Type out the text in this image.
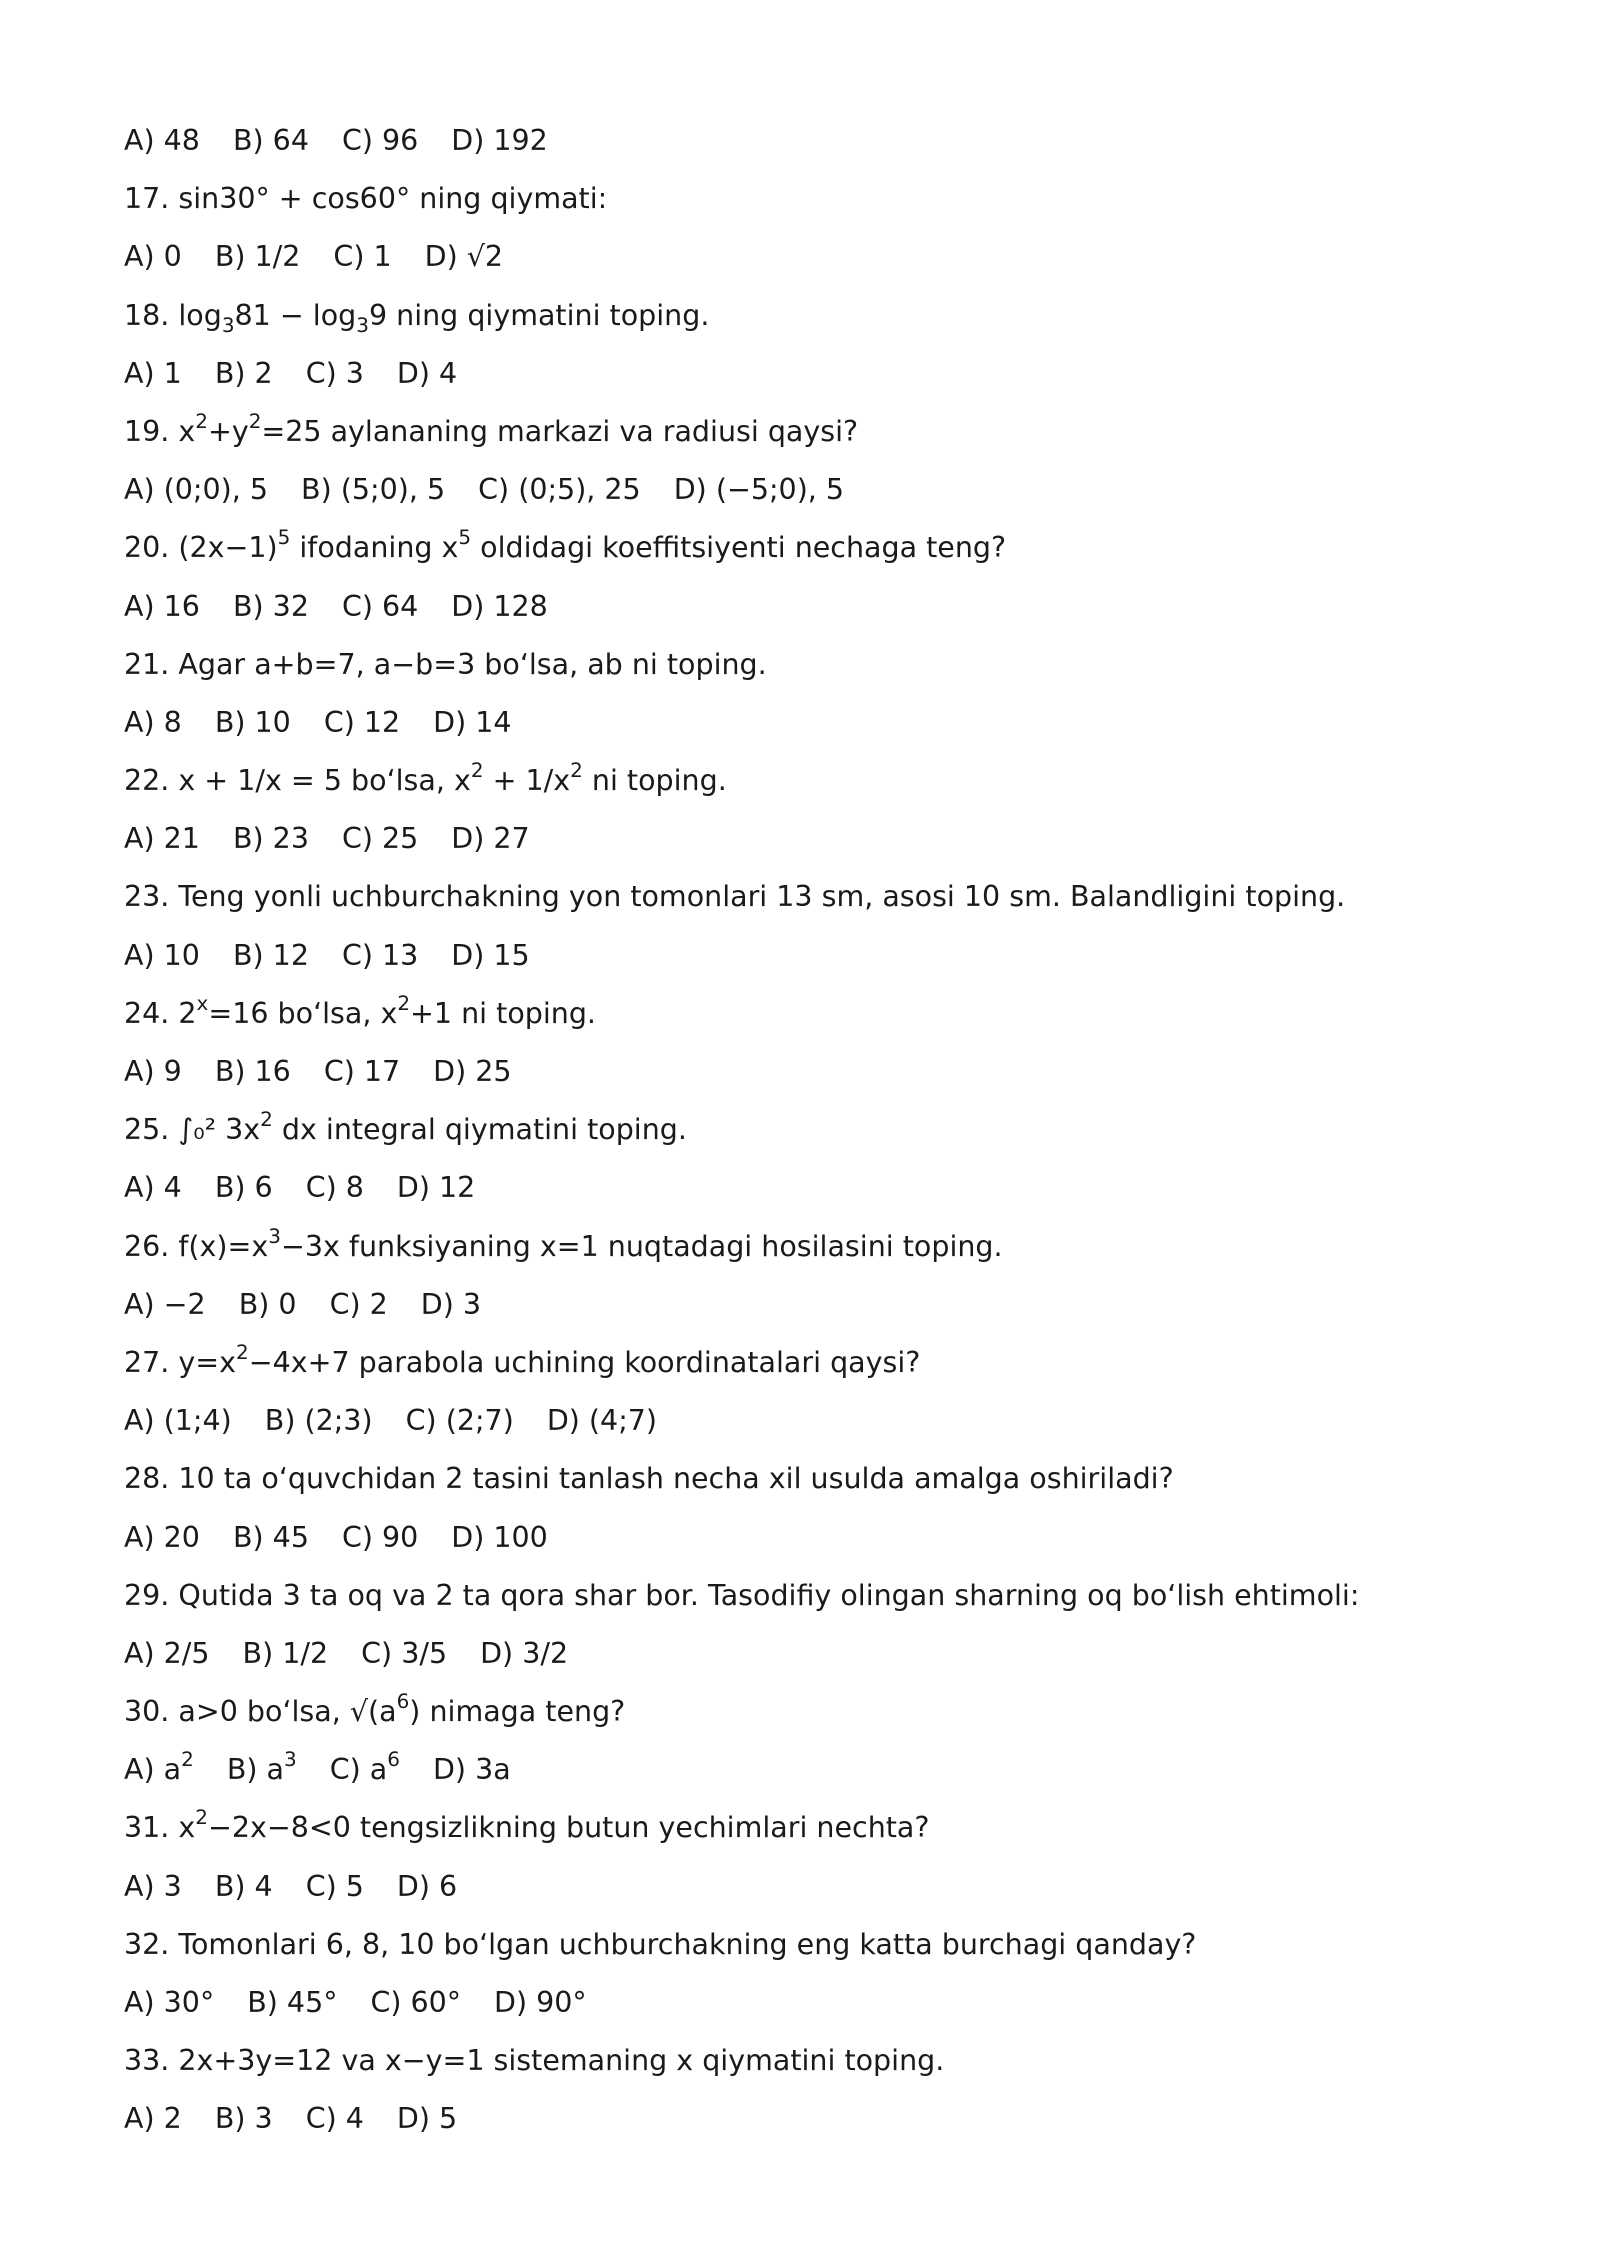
A) 48 B) 64 C) 96 D) 192
17. sin30° + cos60° ning qiymati:
A) 0 B) 1/2 C) 1 D) √2
18. $\log_381 - \log_39$ ning qiymatini toping.
A) 1 B) 2 C) 3 D) 4
19. $x^2+y^2=25$ aylananing markazi va radiusi qaysi?
A) (0;0), 5 B) (5;0), 5 C) (0;5), 25 D) (−5;0), 5
20. $(2x-1)^5$ ifodaning $x^5$ oldidagi koeffitsiyenti nechaga teng?
A) 16 B) 32 C) 64 D) 128
21. Agar a+b=7, a−b=3 bo‘lsa, ab ni toping.
A) 8 B) 10 C) 12 D) 14
22. x + 1/x = 5 bo‘lsa, $x^2 + 1/x^2$ ni toping.
A) 21 B) 23 C) 25 D) 27
23. Teng yonli uchburchakning yon tomonlari 13 sm, asosi 10 sm. Balandligini toping.
A) 10 B) 12 C) 13 D) 15
24. $2^x=16$ bo‘lsa, $x^2+1$ ni toping.
A) 9 B) 16 C) 17 D) 25
25. ∫₀² $3x^2$ dx integral qiymatini toping.
A) 4 B) 6 C) 8 D) 12
26. $f(x)=x^3-3x$ funksiyaning x=1 nuqtadagi hosilasini toping.
A) −2 B) 0 C) 2 D) 3
27. $y=x^2-4x+7$ parabola uchining koordinatalari qaysi?
A) (1;4) B) (2;3) C) (2;7) D) (4;7)
28. 10 ta o‘quvchidan 2 tasini tanlash necha xil usulda amalga oshiriladi?
A) 20 B) 45 C) 90 D) 100
29. Qutida 3 ta oq va 2 ta qora shar bor. Tasodifiy olingan sharning oq bo‘lish ehtimoli:
A) 2/5 B) 1/2 C) 3/5 D) 3/2
30. a>0 bo‘lsa, $√(a^6)$ nimaga teng?
A) $a^2$ B) $a^3$ C) $a^6$ D) 3a
31. $x^2-2x-8<0$ tengsizlikning butun yechimlari nechta?
A) 3 B) 4 C) 5 D) 6
32. Tomonlari 6, 8, 10 bo‘lgan uchburchakning eng katta burchagi qanday?
A) 30° B) 45° C) 60° D) 90°
33. 2x+3y=12 va x−y=1 sistemaning x qiymatini toping.
A) 2 B) 3 C) 4 D) 5
